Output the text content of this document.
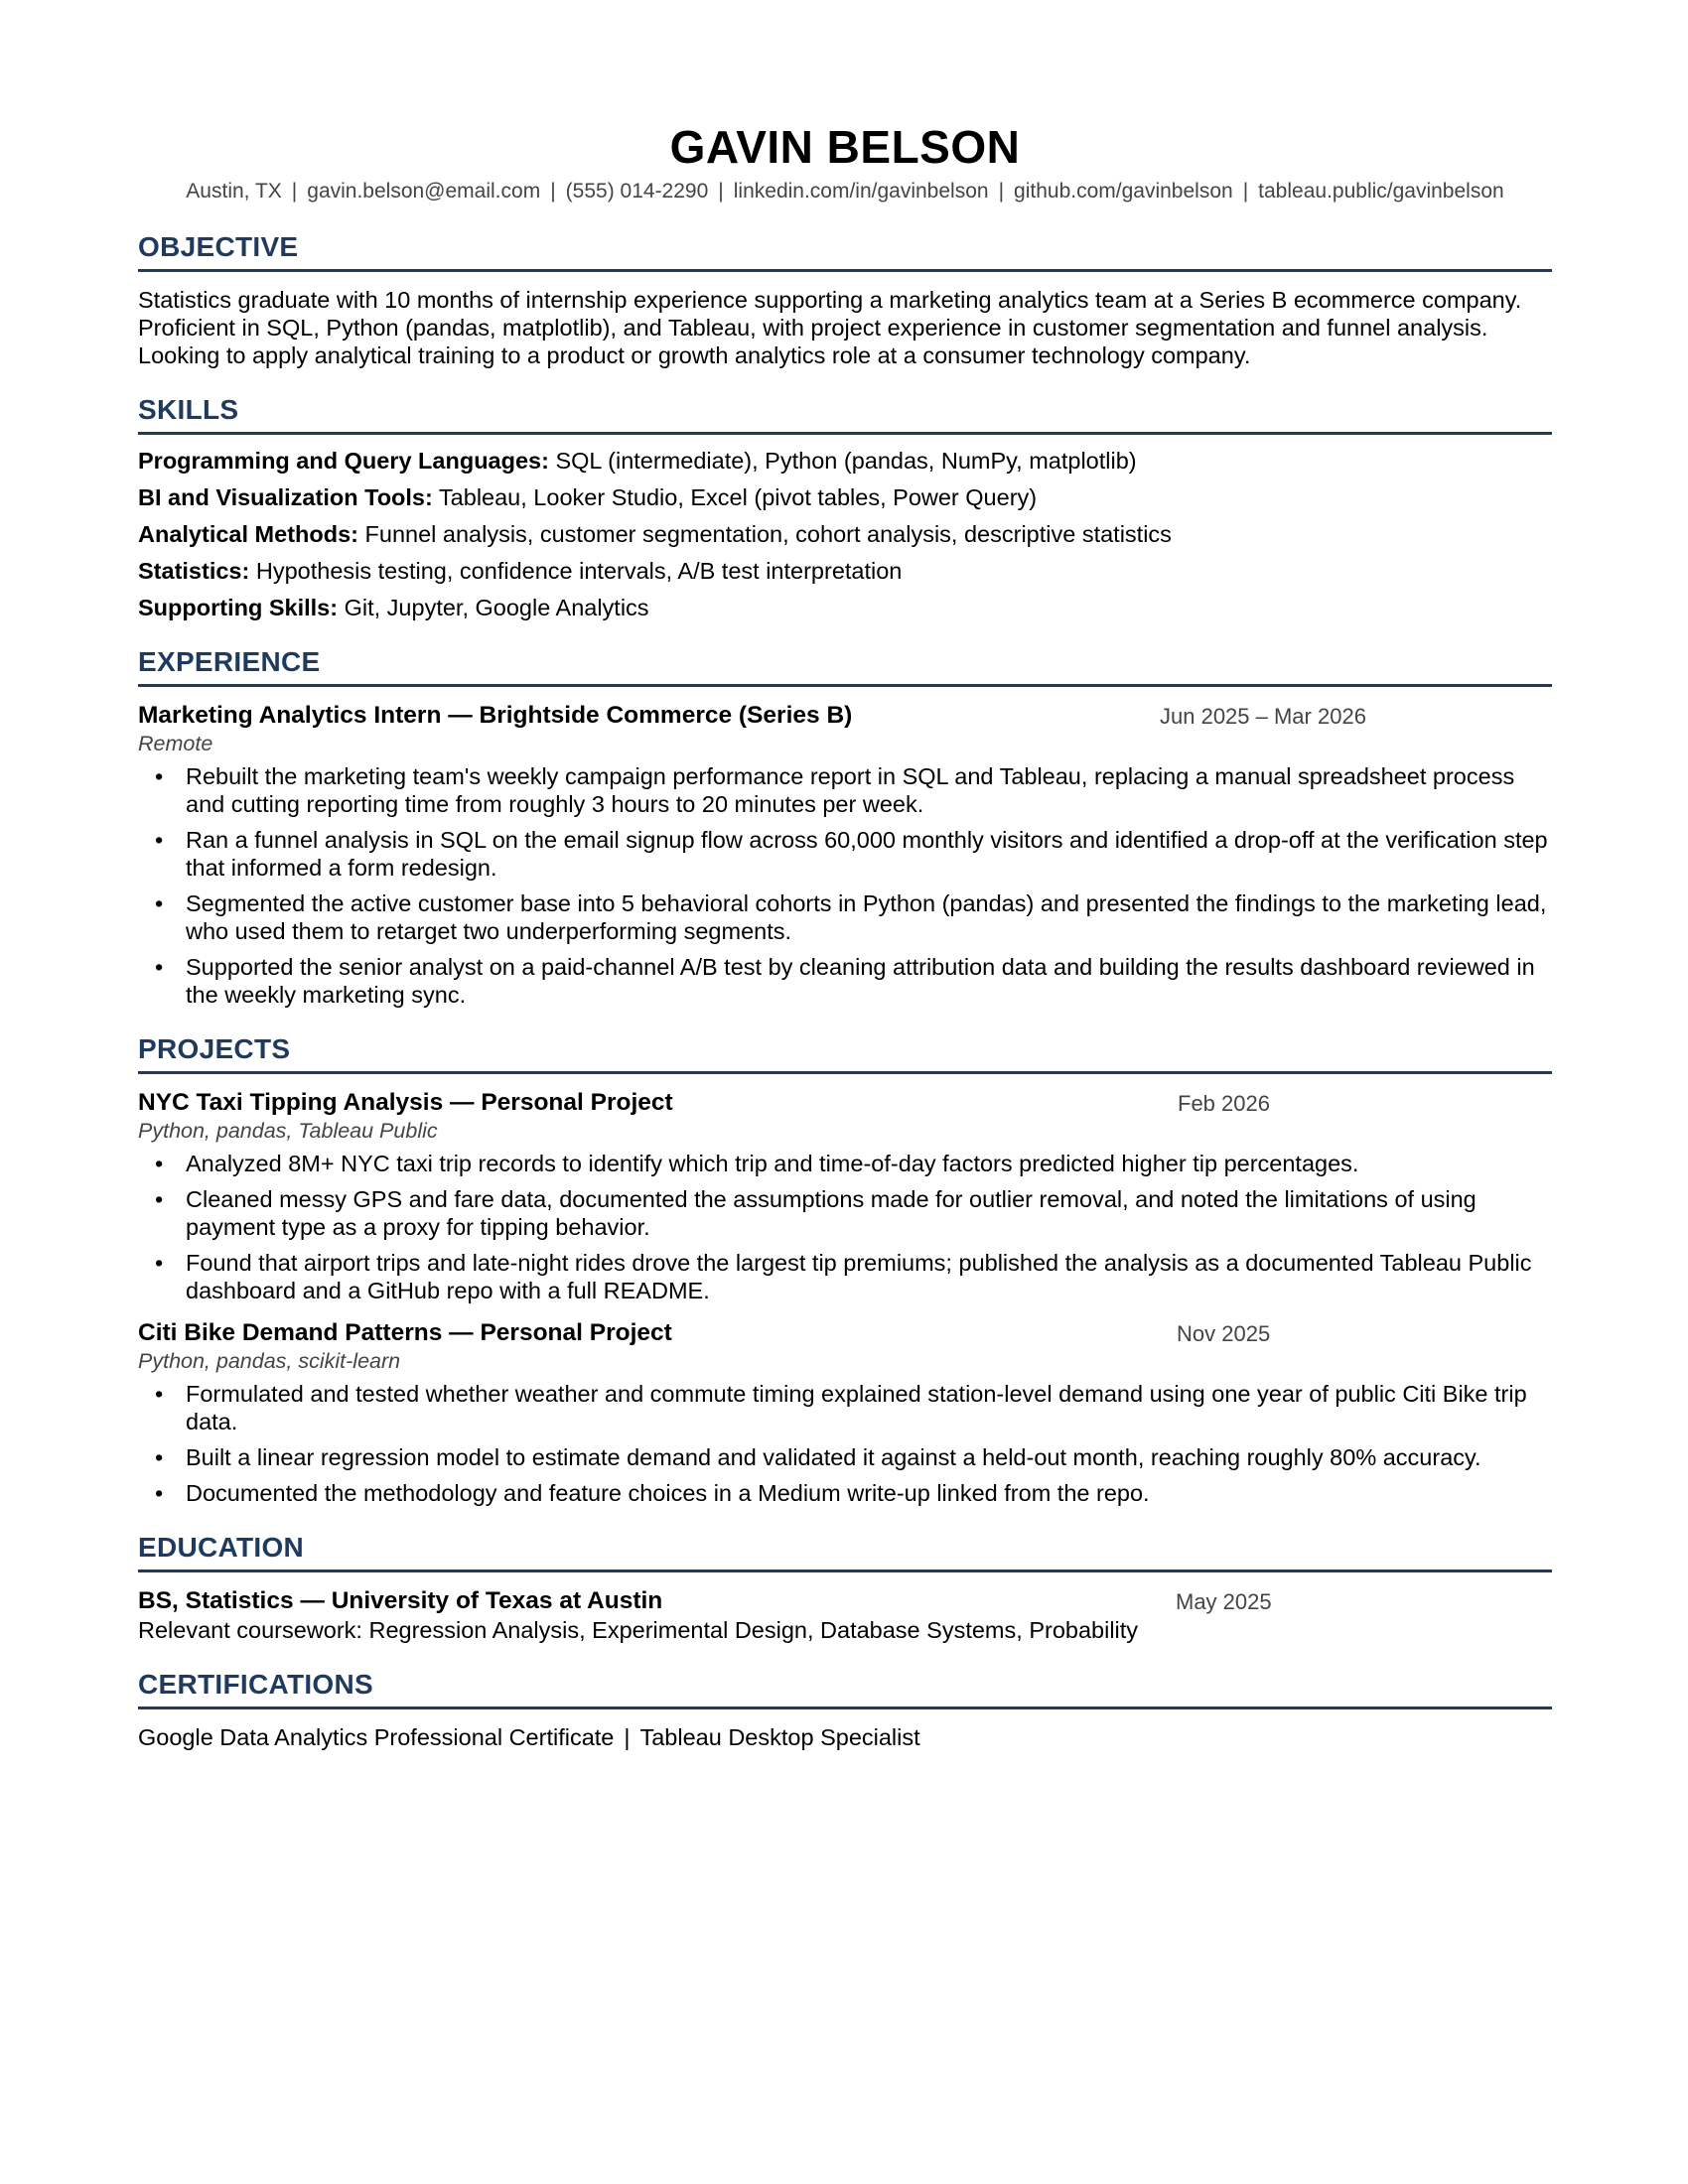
GAVIN BELSON
Austin, TX | gavin.belson@email.com | (555) 014-2290 | linkedin.com/in/gavinbelson | github.com/gavinbelson | tableau.public/gavinbelson
OBJECTIVE
Statistics graduate with 10 months of internship experience supporting a marketing analytics team at a Series B ecommerce company. Proficient in SQL, Python (pandas, matplotlib), and Tableau, with project experience in customer segmentation and funnel analysis. Looking to apply analytical training to a product or growth analytics role at a consumer technology company.
SKILLS
Programming and Query Languages: SQL (intermediate), Python (pandas, NumPy, matplotlib)
BI and Visualization Tools: Tableau, Looker Studio, Excel (pivot tables, Power Query)
Analytical Methods: Funnel analysis, customer segmentation, cohort analysis, descriptive statistics
Statistics: Hypothesis testing, confidence intervals, A/B test interpretation
Supporting Skills: Git, Jupyter, Google Analytics
EXPERIENCE
Marketing Analytics Intern — Brightside Commerce (Series B)	Jun 2025 – Mar 2026
Remote
• Rebuilt the marketing team's weekly campaign performance report in SQL and Tableau, replacing a manual spreadsheet process and cutting reporting time from roughly 3 hours to 20 minutes per week.
• Ran a funnel analysis in SQL on the email signup flow across 60,000 monthly visitors and identified a drop-off at the verification step that informed a form redesign.
• Segmented the active customer base into 5 behavioral cohorts in Python (pandas) and presented the findings to the marketing lead, who used them to retarget two underperforming segments.
• Supported the senior analyst on a paid-channel A/B test by cleaning attribution data and building the results dashboard reviewed in the weekly marketing sync.
PROJECTS
NYC Taxi Tipping Analysis — Personal Project	Feb 2026
Python, pandas, Tableau Public
• Analyzed 8M+ NYC taxi trip records to identify which trip and time-of-day factors predicted higher tip percentages.
• Cleaned messy GPS and fare data, documented the assumptions made for outlier removal, and noted the limitations of using payment type as a proxy for tipping behavior.
• Found that airport trips and late-night rides drove the largest tip premiums; published the analysis as a documented Tableau Public dashboard and a GitHub repo with a full README.
Citi Bike Demand Patterns — Personal Project	Nov 2025
Python, pandas, scikit-learn
• Formulated and tested whether weather and commute timing explained station-level demand using one year of public Citi Bike trip data.
• Built a linear regression model to estimate demand and validated it against a held-out month, reaching roughly 80% accuracy.
• Documented the methodology and feature choices in a Medium write-up linked from the repo.
EDUCATION
BS, Statistics — University of Texas at Austin	May 2025
Relevant coursework: Regression Analysis, Experimental Design, Database Systems, Probability
CERTIFICATIONS
Google Data Analytics Professional Certificate | Tableau Desktop Specialist
